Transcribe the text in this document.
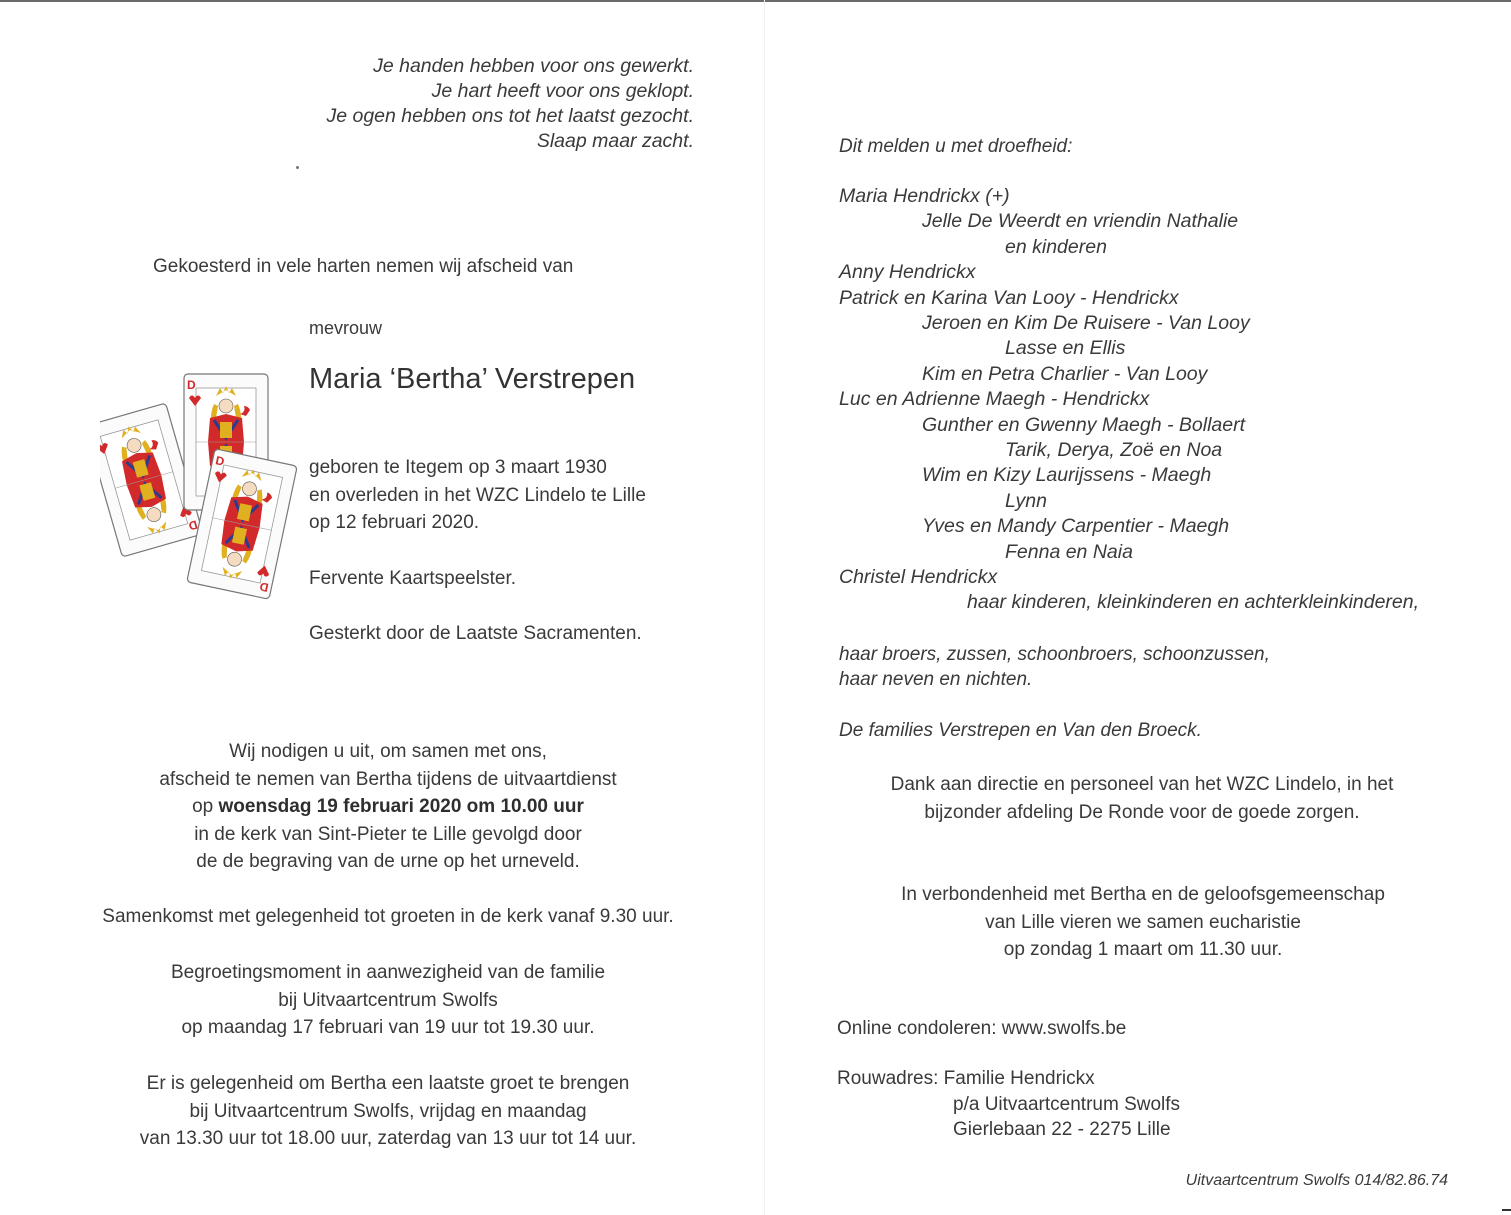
Je handen hebben voor ons gewerkt.
Je hart heeft voor ons geklopt.
Je ogen hebben ons tot het laatst gezocht.
Slaap maar zacht.
Gekoesterd in vele harten nemen wij afscheid van
mevrouw
Maria ‘Bertha’ Verstrepen
D
geboren te Itegem op 3 maart 1930
en overleden in het WZC Lindelo te Lille
op 12 februari 2020.
Fervente Kaartspeelster.
Gesterkt door de Laatste Sacramenten.
Wij nodigen u uit, om samen met ons,
afscheid te nemen van Bertha tijdens de uitvaartdienst
op woensdag 19 februari 2020 om 10.00 uur
in de kerk van Sint-Pieter te Lille gevolgd door
de de begraving van de urne op het urneveld.
Samenkomst met gelegenheid tot groeten in de kerk vanaf 9.30 uur.
Begroetingsmoment in aanwezigheid van de familie
bij Uitvaartcentrum Swolfs
op maandag 17 februari van 19 uur tot 19.30 uur.
Er is gelegenheid om Bertha een laatste groet te brengen
bij Uitvaartcentrum Swolfs, vrijdag en maandag
van 13.30 uur tot 18.00 uur, zaterdag van 13 uur tot 14 uur.
Dit melden u met droefheid:
Maria Hendrickx (+)
Jelle De Weerdt en vriendin Nathalie
en kinderen
Anny Hendrickx
Patrick en Karina Van Looy - Hendrickx
Jeroen en Kim De Ruisere - Van Looy
Lasse en Ellis
Kim en Petra Charlier - Van Looy
Luc en Adrienne Maegh - Hendrickx
Gunther en Gwenny Maegh - Bollaert
Tarik, Derya, Zoë en Noa
Wim en Kizy Laurijssens - Maegh
Lynn
Yves en Mandy Carpentier - Maegh
Fenna en Naia
Christel Hendrickx
haar kinderen, kleinkinderen en achterkleinkinderen,
haar broers, zussen, schoonbroers, schoonzussen,
haar neven en nichten.
De families Verstrepen en Van den Broeck.
Dank aan directie en personeel van het WZC Lindelo, in het
bijzonder afdeling De Ronde voor de goede zorgen.
In verbondenheid met Bertha en de geloofsgemeenschap
van Lille vieren we samen eucharistie
op zondag 1 maart om 11.30 uur.
Online condoleren: www.swolfs.be
Rouwadres: Familie Hendrickx
p/a Uitvaartcentrum Swolfs
Gierlebaan 22 - 2275 Lille
Uitvaartcentrum Swolfs 014/82.86.74
